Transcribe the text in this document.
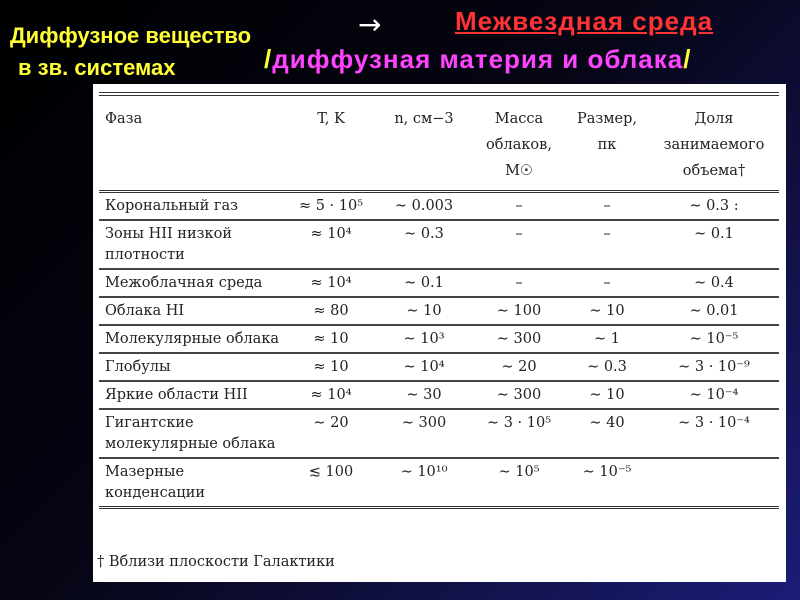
Диффузное вещество
в зв. системах
→	Межвездная среда
/диффузная материя и облака/
Фаза	T, K	n, см−3	Масса облаков, M☉	Размер, пк	Доля занимаемого объема†
Корональный газ	≈ 5 · 10⁵	∼ 0.003	–	–	∼ 0.3 :
Зоны HII низкой плотности	≈ 10⁴	∼ 0.3	–	–	∼ 0.1
Межоблачная среда	≈ 10⁴	∼ 0.1	–	–	∼ 0.4
Облака HI	≈ 80	∼ 10	∼ 100	∼ 10	∼ 0.01
Молекулярные облака	≈ 10	∼ 10³	∼ 300	∼ 1	∼ 10⁻⁵
Глобулы	≈ 10	∼ 10⁴	∼ 20	∼ 0.3	∼ 3 · 10⁻⁹
Яркие области HII	≈ 10⁴	∼ 30	∼ 300	∼ 10	∼ 10⁻⁴
Гигантские молекулярные облака	∼ 20	∼ 300	∼ 3 · 10⁵	∼ 40	∼ 3 · 10⁻⁴
Мазерные конденсации	≲ 100	∼ 10¹⁰	∼ 10⁵	∼ 10⁻⁵	
† Вблизи плоскости Галактики
